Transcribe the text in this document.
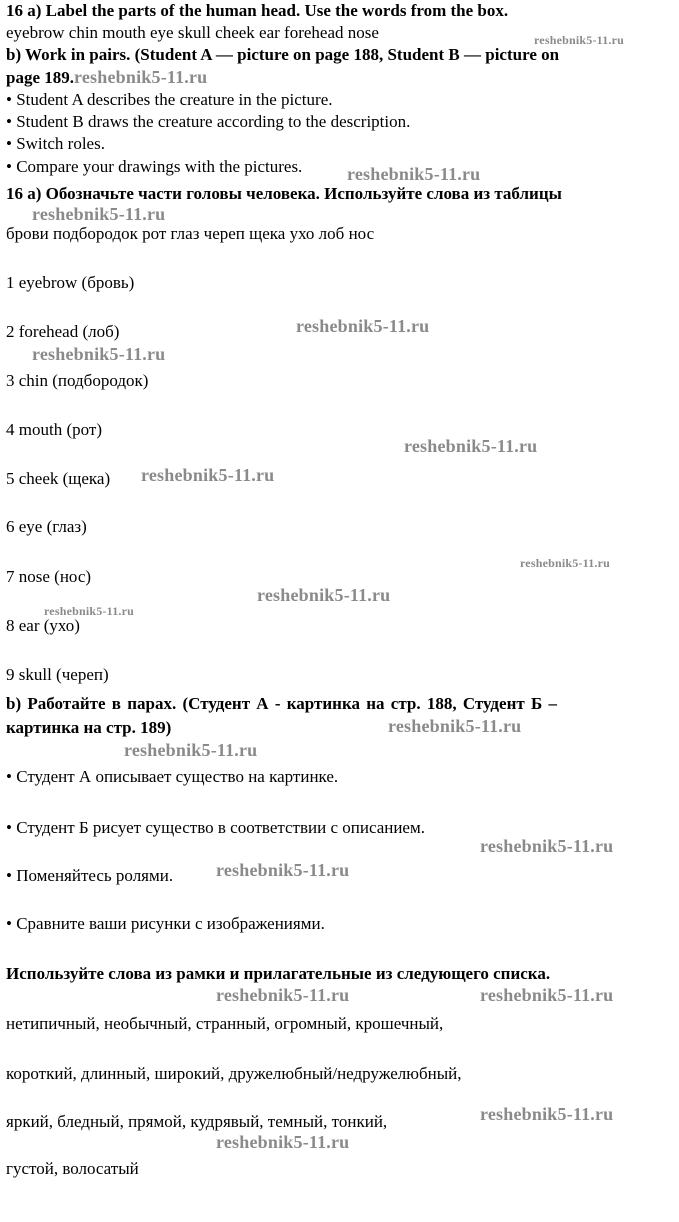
16 a) Label the parts of the human head. Use the words from the box.
eyebrow chin mouth eye skull cheek ear forehead nose
b) Work in pairs. (Student A — picture on page 188, Student B — picture on
page 189.reshebnik5-11.ru
• Student A describes the creature in the picture.
• Student B draws the creature according to the description.
• Switch roles.
• Compare your drawings with the pictures.
16 а) Обозначьте части головы человека. Используйте слова из таблицы
брови подбородок рот глаз череп щека ухо лоб нос
1 eyebrow (бровь)
2 forehead (лоб)
3 chin (подбородок)
4 mouth (рот)
5 cheek (щека)
6 eye (глаз)
7 nose (нос)
8 ear (ухо)
9 skull (череп)
b) Работайте в парах. (Студент А - картинка на стр. 188, Студент Б –
картинка на стр. 189)
• Студент А описывает существо на картинке.
• Студент Б рисует существо в соответствии с описанием.
• Поменяйтесь ролями.
• Сравните ваши рисунки с изображениями.
Используйте слова из рамки и прилагательные из следующего списка.
нетипичный, необычный, странный, огромный, крошечный,
короткий, длинный, широкий, дружелюбный/недружелюбный,
яркий, бледный, прямой, кудрявый, темный, тонкий,
густой, волосатый
reshebnik5-11.ru
reshebnik5-11.ru
reshebnik5-11.ru
reshebnik5-11.ru
reshebnik5-11.ru
reshebnik5-11.ru
reshebnik5-11.ru
reshebnik5-11.ru
reshebnik5-11.ru
reshebnik5-11.ru
reshebnik5-11.ru
reshebnik5-11.ru
reshebnik5-11.ru
reshebnik5-11.ru
reshebnik5-11.ru	reshebnik5-11.ru
reshebnik5-11.ru
reshebnik5-11.ru
